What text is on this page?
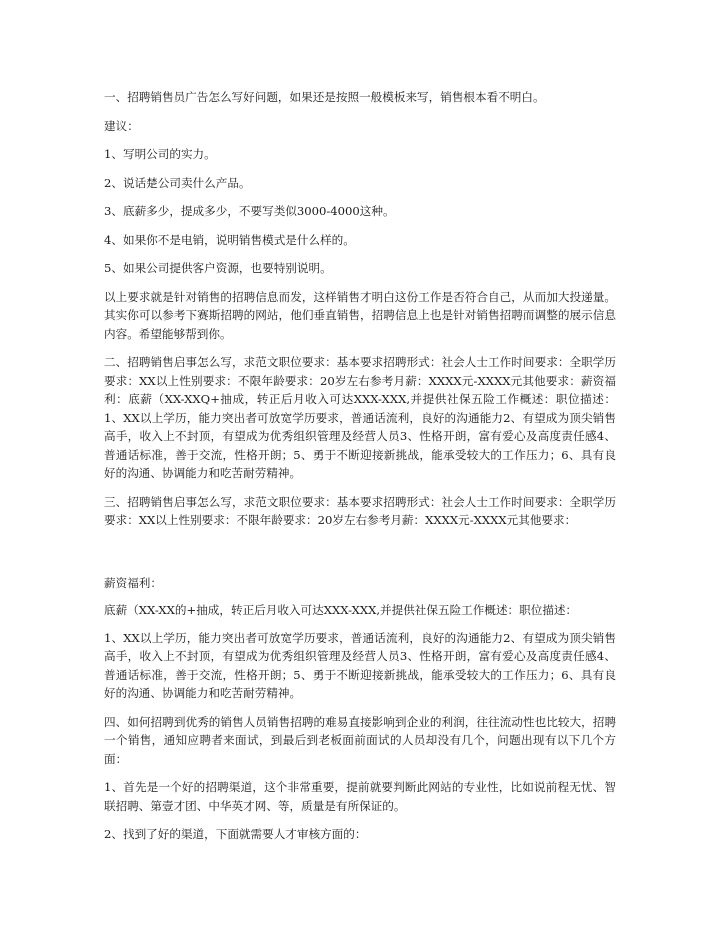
一、招聘销售员广告怎么写好问题，如果还是按照一般模板来写，销售根本看不明白。

建议：

1、写明公司的实力。

2、说话楚公司卖什么产品。

3、底薪多少，提成多少，不要写类似3000-4000这种。

4、如果你不是电销，说明销售模式是什么样的。

5、如果公司提供客户资源，也要特别说明。

以上要求就是针对销售的招聘信息而发，这样销售才明白这份工作是否符合自己，从而加大投递量。其实你可以参考下赛斯招聘的网站，他们垂直销售，招聘信息上也是针对销售招聘而调整的展示信息内容。希望能够帮到你。

二、招聘销售启事怎么写，求范文职位要求：基本要求招聘形式：社会人士工作时间要求：全职学历要求：XX以上性别要求：不限年龄要求：20岁左右参考月薪：XXXX元-XXXX元其他要求：薪资福利：底薪（XX-XXQ+抽成，转正后月收入可达XXX-XXX,并提供社保五险工作概述：职位描述：1、XX以上学历，能力突出者可放宽学历要求，普通话流利，良好的沟通能力2、有望成为顶尖销售高手，收入上不封顶，有望成为优秀组织管理及经营人员3、性格开朗，富有爱心及高度责任感4、普通话标准，善于交流，性格开朗；5、勇于不断迎接新挑战，能承受较大的工作压力；6、具有良好的沟通、协调能力和吃苦耐劳精神。

三、招聘销售启事怎么写，求范文职位要求：基本要求招聘形式：社会人士工作时间要求：全职学历要求：XX以上性别要求：不限年龄要求：20岁左右参考月薪：XXXX元-XXXX元其他要求：

薪资福利：

底薪（XX-XX的+抽成，转正后月收入可达XXX-XXX,并提供社保五险工作概述：职位描述：

1、XX以上学历，能力突出者可放宽学历要求，普通话流利，良好的沟通能力2、有望成为顶尖销售高手，收入上不封顶，有望成为优秀组织管理及经营人员3、性格开朗，富有爱心及高度责任感4、普通话标准，善于交流，性格开朗；5、勇于不断迎接新挑战，能承受较大的工作压力；6、具有良好的沟通、协调能力和吃苦耐劳精神。

四、如何招聘到优秀的销售人员销售招聘的难易直接影响到企业的利润，往往流动性也比较大，招聘一个销售，通知应聘者来面试，到最后到老板面前面试的人员却没有几个，问题出现有以下几个方面：

1、首先是一个好的招聘渠道，这个非常重要，提前就要判断此网站的专业性，比如说前程无忧、智联招聘、第壹才团、中华英才网、等，质量是有所保证的。

2、找到了好的渠道，下面就需要人才审核方面的：
